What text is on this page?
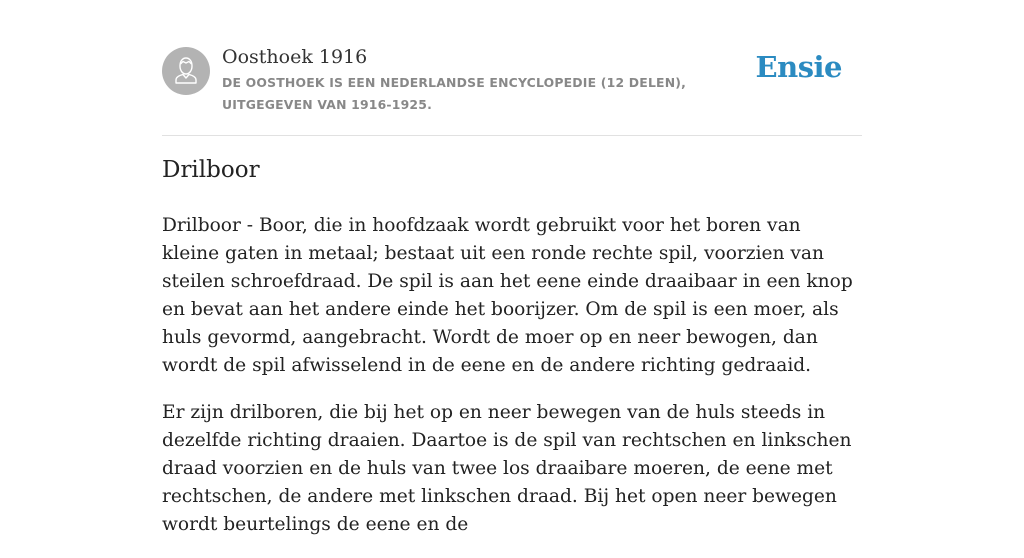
Oosthoek 1916
DE OOSTHOEK IS EEN NEDERLANDSE ENCYCLOPEDIE (12 DELEN), UITGEGEVEN VAN 1916-1925.
Ensie
Drilboor

Drilboor - Boor, die in hoofdzaak wordt gebruikt voor het boren van kleine gaten in metaal; bestaat uit een ronde rechte spil, voorzien van steilen schroefdraad. De spil is aan het eene einde draaibaar in een knop en bevat aan het andere einde het boorijzer. Om de spil is een moer, als huls gevormd, aangebracht. Wordt de moer op en neer bewogen, dan wordt de spil afwisselend in de eene en de andere richting gedraaid.

Er zijn drilboren, die bij het op en neer bewegen van de huls steeds in dezelfde richting draaien. Daartoe is de spil van rechtschen en linkschen draad voorzien en de huls van twee los draaibare moeren, de eene met rechtschen, de andere met linkschen draad. Bij het open neer bewegen wordt beurtelings de eene en de
